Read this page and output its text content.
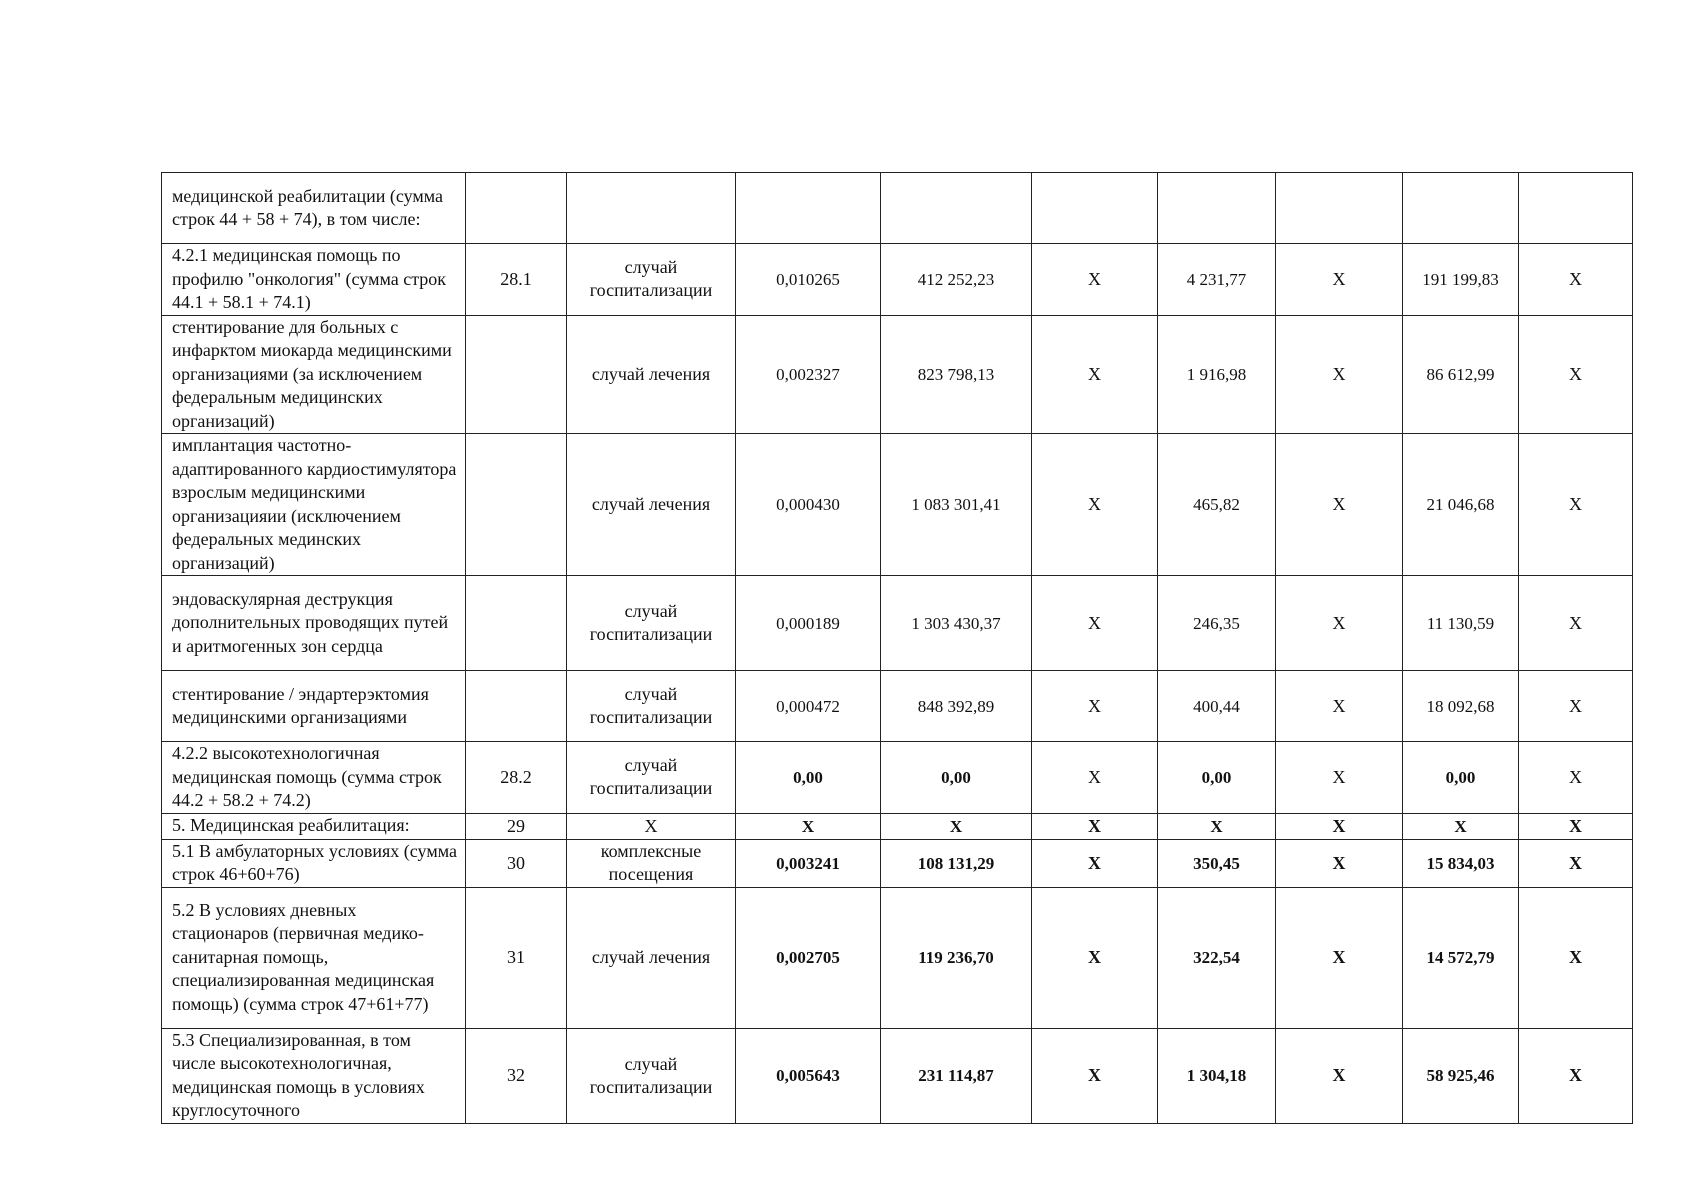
медицинской реабилитации (сумма строк 44 + 58 + 74), в том числе:									
4.2.1 медицинская помощь по профилю "онкология" (сумма строк 44.1 + 58.1 + 74.1)	28.1	случай госпитализации	0,010265	412 252,23	X	4 231,77	X	191 199,83	X
стентирование для больных с инфарктом миокарда медицинскими организациями (за исключением федеральным медицинских организаций)		случай лечения	0,002327	823 798,13	X	1 916,98	X	86 612,99	X
имплантация частотно-адаптированного кардиостимулятора взрослым медицинскими организацияии (исключением федеральных мединских организаций)		случай лечения	0,000430	1 083 301,41	X	465,82	X	21 046,68	X
эндоваскулярная деструкция дополнительных проводящих путей и аритмогенных зон сердца		случай госпитализации	0,000189	1 303 430,37	X	246,35	X	11 130,59	X
стентирование / эндартерэктомия медицинскими организациями		случай госпитализации	0,000472	848 392,89	X	400,44	X	18 092,68	X
4.2.2 высокотехнологичная медицинская помощь (сумма строк 44.2 + 58.2 + 74.2)	28.2	случай госпитализации	0,00	0,00	X	0,00	X	0,00	X
5. Медицинская реабилитация:	29	X	X	X	X	X	X	X	X
5.1 В амбулаторных условиях (сумма строк 46+60+76)	30	комплексные посещения	0,003241	108 131,29	X	350,45	X	15 834,03	X
5.2 В условиях дневных стационаров (первичная медико-санитарная помощь, специализированная медицинская помощь) (сумма строк 47+61+77)	31	случай лечения	0,002705	119 236,70	X	322,54	X	14 572,79	X
5.3 Специализированная, в том числе высокотехнологичная, медицинская помощь в условиях круглосуточного	32	случай госпитализации	0,005643	231 114,87	X	1 304,18	X	58 925,46	X
